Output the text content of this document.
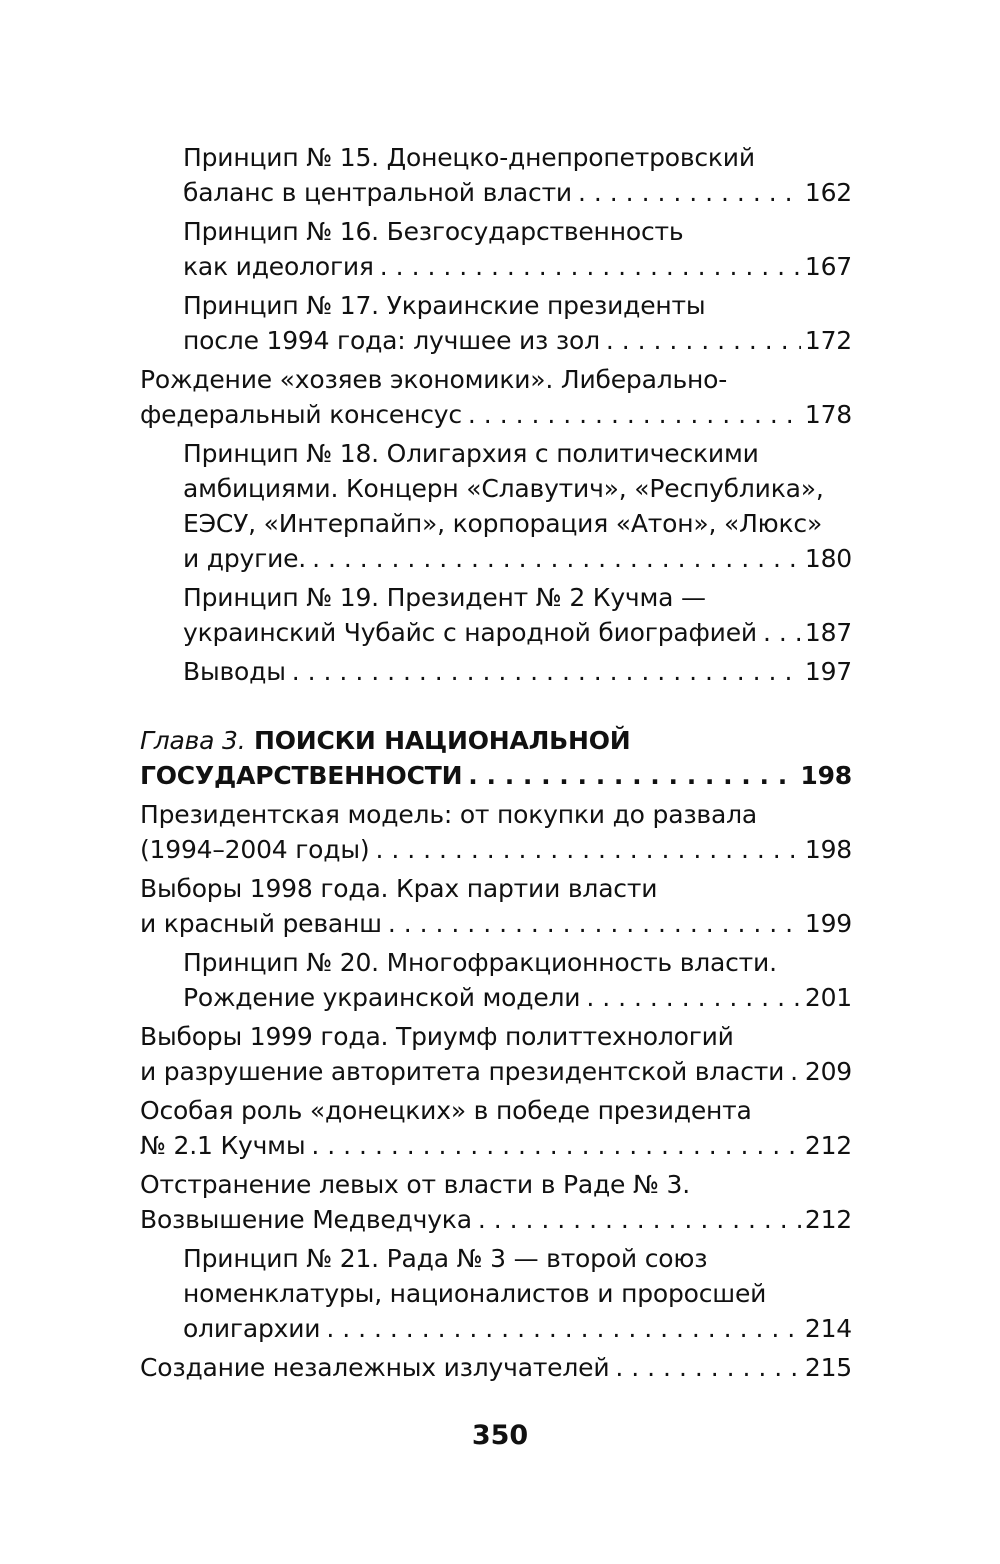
Принцип № 15. Донецко-днепропетровский
баланс в центральной власти . . .	162
Принцип № 16. Безгосударственность
как идеология . . .	167
Принцип № 17. Украинские президенты
после 1994 года: лучшее из зол . . .	172
Рождение «хозяев экономики». Либерально-
федеральный консенсус . . .	178
Принцип № 18. Олигархия с политическими
амбициями. Концерн «Славутич», «Республика»,
ЕЭСУ, «Интерпайп», корпорация «Атон», «Люкс»
и другие. . . .	180
Принцип № 19. Президент № 2 Кучма —
украинский Чубайс с народной биографией . . . 187
Выводы . . .	197
Глава 3. ПОИСКИ НАЦИОНАЛЬНОЙ
ГОСУДАРСТВЕННОСТИ . . .	198
Президентская модель: от покупки до развала
(1994–2004 годы) . . .	198
Выборы 1998 года. Крах партии власти
и красный реванш . . .	199
Принцип № 20. Многофракционность власти.
Рождение украинской модели . . .	201
Выборы 1999 года. Триумф политтехнологий
и разрушение авторитета президентской власти . . . 209
Особая роль «донецких» в победе президента
№ 2.1 Кучмы . . .	212
Отстранение левых от власти в Раде № 3.
Возвышение Медведчука . . .	212
Принцип № 21. Рада № 3 — второй союз
номенклатуры, националистов и проросшей
олигархии . . .	214
Создание незалежных излучателей . . .	215
350
